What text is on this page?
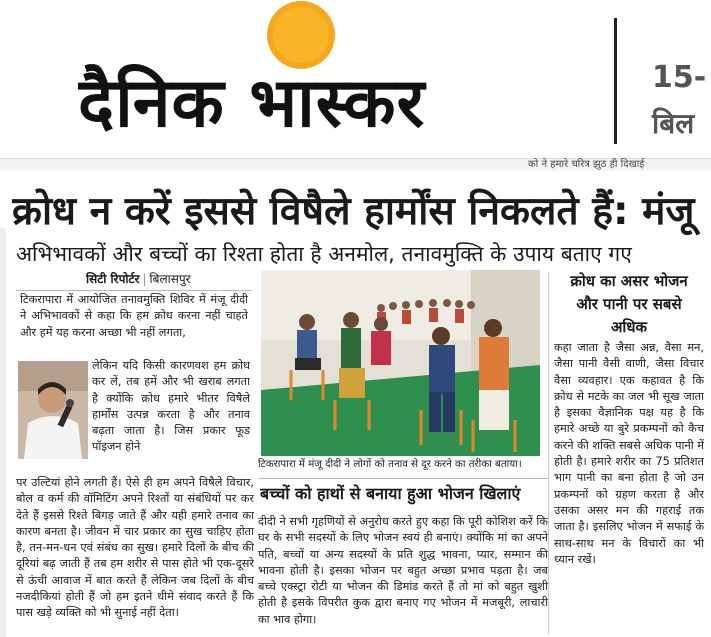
दैनिक भास्कर	15-
बिल
को ने हमारे चरित्र झुठ ही दिखाई
क्रोध न करें इससे विषैले हार्मोंस निकलते हैं: मंजू
अभिभावकों और बच्चों का रिश्ता होता है अनमोल, तनावमुक्ति के उपाय बताए गए
सिटी रिपोर्टर | बिलासपुर
टिकरापारा में आयोजित तनावमुक्ति शिविर में मंजू दीदी ने अभिभावकों से कहा कि हम क्रोध करना नहीं चाहते और हमें यह करना अच्छा भी नहीं लगता,
लेकिन यदि किसी कारणवश हम क्रोध कर लें, तब हमें और भी खराब लगता है क्योंकि क्रोध हमारे भीतर विषैले हार्मोंस उत्पन्न करता है और तनाव बढ़ता जाता है। जिस प्रकार फूड पॉइजन होने
पर उल्टियां होने लगती हैं। ऐसे ही हम अपने विषैले विचार, बोल व कर्म की वॉमिटिंग अपने रिश्तों या संबंधियों पर कर देते हैं इससे रिश्ते बिगड़ जाते हैं और यही हमारे तनाव का कारण बनता है। जीवन में चार प्रकार का सुख चाहिए होता है, तन-मन-धन एवं संबंध का सुख। हमारे दिलों के बीच की दूरियां बढ़ जाती हैं तब हम शरीर से पास होते भी एक-दूसरे से ऊंची आवाज में बात करते हैं लेकिन जब दिलों के बीच नजदीकियां होती हैं जो हम इतने धीमे संवाद करते हैं कि पास खड़े व्यक्ति को भी सुनाई नहीं देता।
टिकरापारा में मंजू दीदी ने लोगों को तनाव से दूर करने का तरीका बताया।
बच्चों को हाथों से बनाया हुआ भोजन खिलाएं
दीदी ने सभी गृहणियों से अनुरोध करते हुए कहा कि पूरी कोशिश करें कि घर के सभी सदस्यों के लिए भोजन स्वयं ही बनाएं। क्योंकि मां का अपने पति, बच्चों या अन्य सदस्यों के प्रति शुद्ध भावना, प्यार, सम्मान की भावना होती है। इसका भोजन पर बहुत अच्छा प्रभाव पड़ता है। जब बच्चे एक्स्ट्रा रोटी या भोजन की डिमांड करते हैं तो मां को बहुत खुशी होती है इसके विपरीत कुक द्वारा बनाए गए भोजन में मजबूरी, लाचारी का भाव होगा।
क्रोध का असर भोजन और पानी पर सबसे अधिक
कहा जाता है जैसा अन्न, वैसा मन, जैसा पानी वैसी वाणी, जैसा विचार वैसा व्यवहार। एक कहावत है कि क्रोध से मटके का जल भी सूख जाता है इसका वैज्ञानिक पक्ष यह है कि हमारे अच्छे या बुरे प्रकम्पनों को कैच करने की शक्ति सबसे अधिक पानी में होती है। हमारे शरीर का 75 प्रतिशत भाग पानी का बना होता है जो उन प्रकम्पनों को ग्रहण करता है और उसका असर मन की गहराई तक जाता है। इसलिए भोजन में सफाई के साथ-साथ मन के विचारों का भी ध्यान रखें।
